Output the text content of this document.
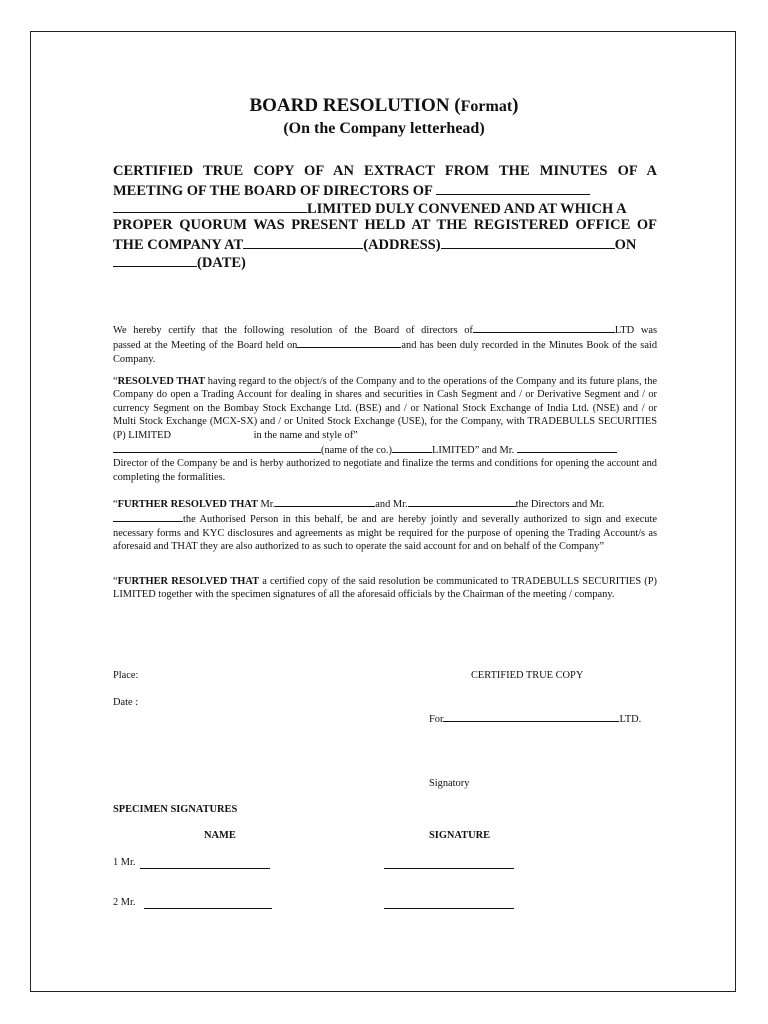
BOARD RESOLUTION (Format)
(On the Company letterhead)
CERTIFIED TRUE COPY OF AN EXTRACT FROM THE MINUTES OF A
MEETING OF THE BOARD OF DIRECTORS OF
LIMITED DULY CONVENED AND AT WHICH A
PROPER QUORUM WAS PRESENT HELD AT THE REGISTERED OFFICE OF
THE COMPANY AT	(ADDRESS)	ON
(DATE)
We hereby certify that the following resolution of the Board of directors of	LTD was
passed at the Meeting of the Board held on	and has been duly recorded in the Minutes Book of the said Company.
“RESOLVED THAT having regard to the object/s of the Company and to the operations of the Company and its future plans, the Company do open a Trading Account for dealing in shares and securities in Cash Segment and / or Derivative Segment and / or currency Segment on the Bombay Stock Exchange Ltd. (BSE) and / or National Stock Exchange of India Ltd. (NSE) and / or Multi Stock Exchange (MCX-SX) and / or United Stock Exchange (USE), for the Company, with TRADEBULLS SECURITIES (P) LIMITED	in the name and style of”
(name of the co.)	LIMITED” and Mr.
Director of the Company be and is herby authorized to negotiate and finalize the terms and conditions for opening the account and completing the formalities.
“FURTHER RESOLVED THAT Mr.	and Mr.	the Directors and Mr.
the Authorised Person in this behalf, be and are hereby jointly and severally authorized to sign and execute necessary forms and KYC disclosures and agreements as might be required for the purpose of opening the Trading Account/s as aforesaid and THAT they are also authorized to as such to operate the said account for and on behalf of the Company”
“FURTHER RESOLVED THAT a certified copy of the said resolution be communicated to TRADEBULLS SECURITIES (P) LIMITED together with the specimen signatures of all the aforesaid officials by the Chairman of the meeting / company.
Place:	CERTIFIED TRUE COPY
Date :
For	LTD.
Signatory
SPECIMEN SIGNATURES
NAME	SIGNATURE
1 Mr.
2 Mr.
